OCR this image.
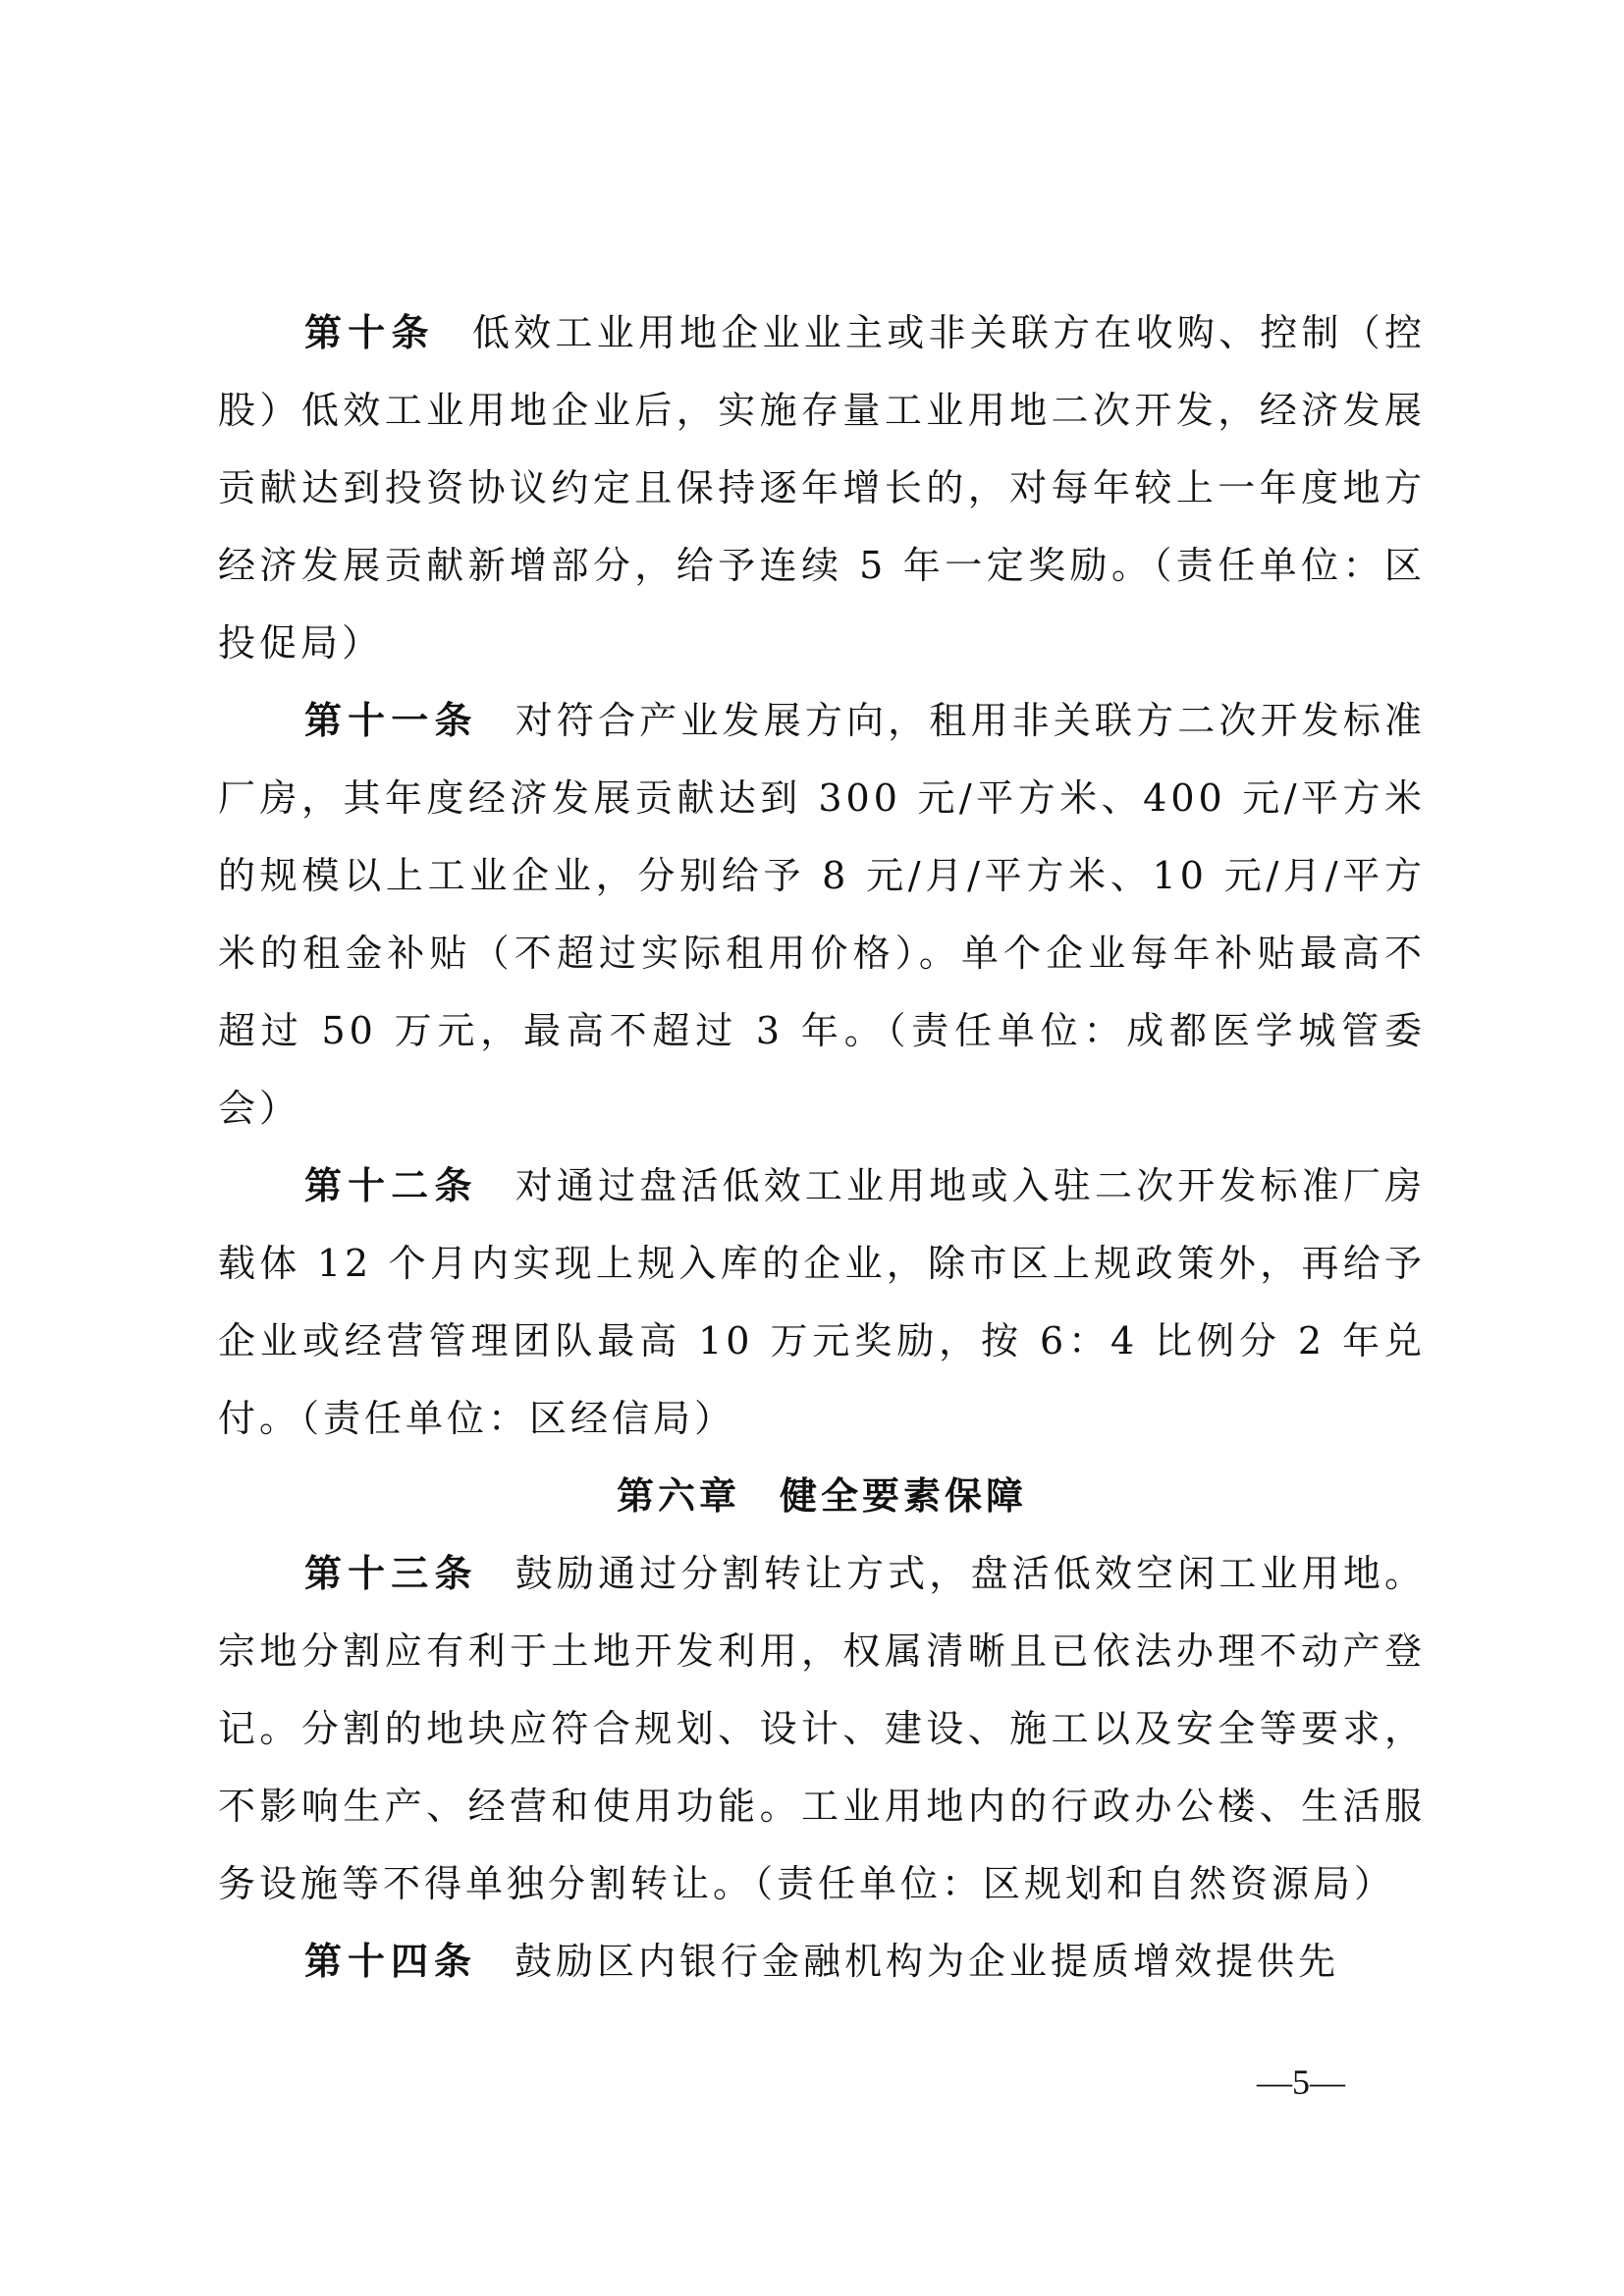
第十条 低效工业用地企业业主或非关联方在收购、控制（控股）低效工业用地企业后，实施存量工业用地二次开发，经济发展贡献达到投资协议约定且保持逐年增长的，对每年较上一年度地方经济发展贡献新增部分，给予连续 5 年一定奖励。（责任单位：区投促局）

第十一条 对符合产业发展方向，租用非关联方二次开发标准厂房，其年度经济发展贡献达到 300 元/平方米、400 元/平方米的规模以上工业企业，分别给予 8 元/月/平方米、10 元/月/平方米的租金补贴（不超过实际租用价格）。单个企业每年补贴最高不超过 50 万元，最高不超过 3 年。（责任单位：成都医学城管委会）

第十二条 对通过盘活低效工业用地或入驻二次开发标准厂房载体 12 个月内实现上规入库的企业，除市区上规政策外，再给予企业或经营管理团队最高 10 万元奖励，按 6：4 比例分 2 年兑付。（责任单位：区经信局）

第六章 健全要素保障

第十三条 鼓励通过分割转让方式，盘活低效空闲工业用地。宗地分割应有利于土地开发利用，权属清晰且已依法办理不动产登记。分割的地块应符合规划、设计、建设、施工以及安全等要求，不影响生产、经营和使用功能。工业用地内的行政办公楼、生活服务设施等不得单独分割转让。（责任单位：区规划和自然资源局）

第十四条 鼓励区内银行金融机构为企业提质增效提供先

—5—
